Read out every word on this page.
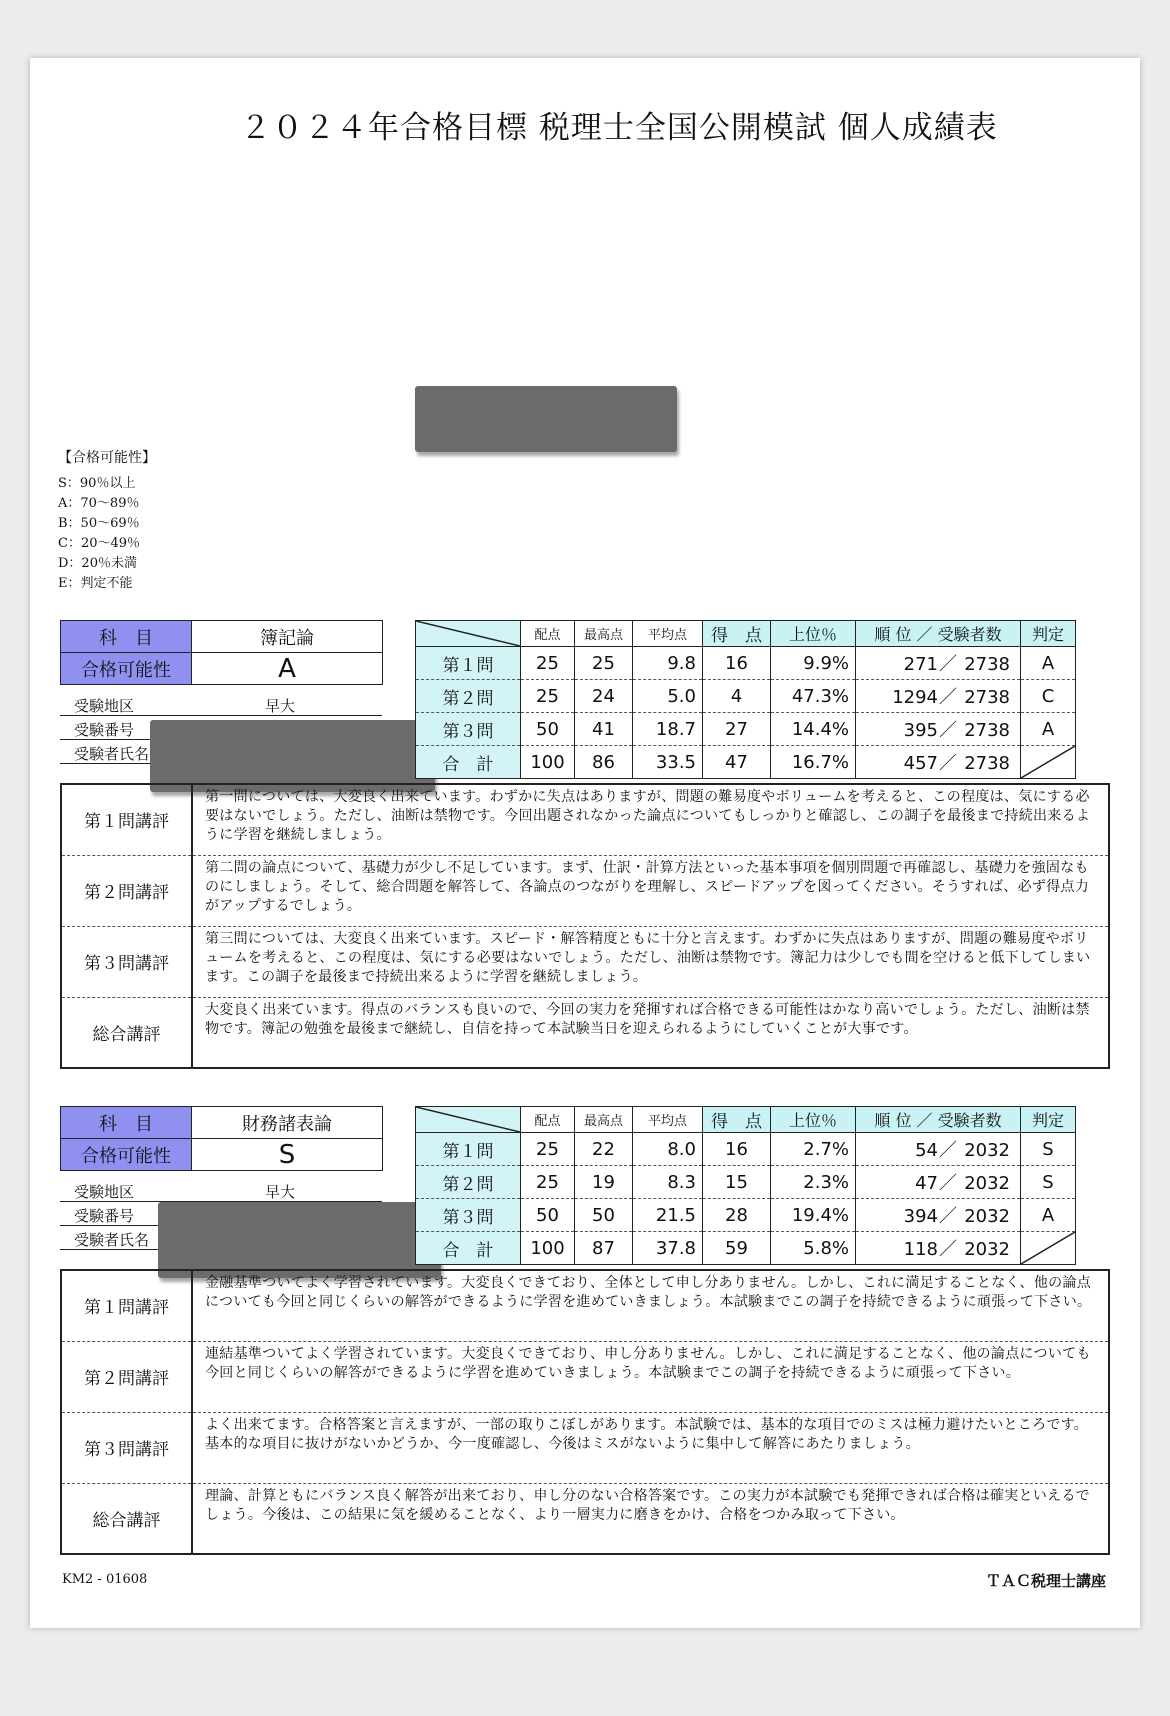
２０２４年合格目標 税理士全国公開模試 個人成績表
【合格可能性】
S：90％以上
A：70～89％
B：50～69％
C：20～49％
D：20％未満
E：判定不能
科　目	簿記論
合格可能性	A
受験地区	早大
受験番号
受験者氏名
	配点	最高点	平均点	得　点	上位％	順 位 ／ 受験者数	判定
第１問	25	25	9.8	16	9.9%	271／ 2738	A
第２問	25	24	5.0	4	47.3%	1294／ 2738	C
第３問	50	41	18.7	27	14.4%	395／ 2738	A
合　計	100	86	33.5	47	16.7%	457／ 2738	
第１問講評	第一問については、大変良く出来ています。わずかに失点はありますが、問題の難易度やボリュームを考えると、この程度は、気にする必要はないでしょう。ただし、油断は禁物です。今回出題されなかった論点についてもしっかりと確認し、この調子を最後まで持続出来るように学習を継続しましょう。
第２問講評	第二問の論点について、基礎力が少し不足しています。まず、仕訳・計算方法といった基本事項を個別問題で再確認し、基礎力を強固なものにしましょう。そして、総合問題を解答して、各論点のつながりを理解し、スピードアップを図ってください。そうすれば、必ず得点力がアップするでしょう。
第３問講評	第三問については、大変良く出来ています。スピード・解答精度ともに十分と言えます。わずかに失点はありますが、問題の難易度やボリュームを考えると、この程度は、気にする必要はないでしょう。ただし、油断は禁物です。簿記力は少しでも間を空けると低下してしまいます。この調子を最後まで持続出来るように学習を継続しましょう。
総合講評	大変良く出来ています。得点のバランスも良いので、今回の実力を発揮すれば合格できる可能性はかなり高いでしょう。ただし、油断は禁物です。簿記の勉強を最後まで継続し、自信を持って本試験当日を迎えられるようにしていくことが大事です。
科　目	財務諸表論
合格可能性	S
受験地区	早大
受験番号
受験者氏名
	配点	最高点	平均点	得　点	上位％	順 位 ／ 受験者数	判定
第１問	25	22	8.0	16	2.7%	54／ 2032	S
第２問	25	19	8.3	15	2.3%	47／ 2032	S
第３問	50	50	21.5	28	19.4%	394／ 2032	A
合　計	100	87	37.8	59	5.8%	118／ 2032	
第１問講評	金融基準ついてよく学習されています。大変良くできており、全体として申し分ありません。しかし、これに満足することなく、他の論点についても今回と同じくらいの解答ができるように学習を進めていきましょう。本試験までこの調子を持続できるように頑張って下さい。
第２問講評	連結基準ついてよく学習されています。大変良くできており、申し分ありません。しかし、これに満足することなく、他の論点についても今回と同じくらいの解答ができるように学習を進めていきましょう。本試験までこの調子を持続できるように頑張って下さい。
第３問講評	よく出来てます。合格答案と言えますが、一部の取りこぼしがあります。本試験では、基本的な項目でのミスは極力避けたいところです。基本的な項目に抜けがないかどうか、今一度確認し、今後はミスがないように集中して解答にあたりましょう。
総合講評	理論、計算ともにバランス良く解答が出来ており、申し分のない合格答案です。この実力が本試験でも発揮できれば合格は確実といえるでしょう。今後は、この結果に気を緩めることなく、より一層実力に磨きをかけ、合格をつかみ取って下さい。
KM2 - 01608	ＴＡＣ税理士講座
